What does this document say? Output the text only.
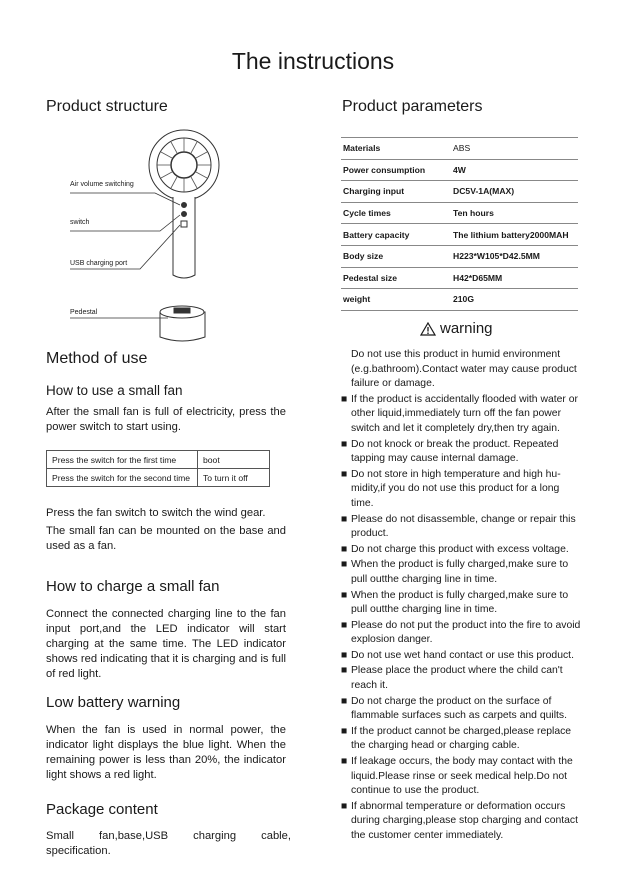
The instructions
Product structure
Air volume switching
switch
USB charging port
Pedestal
Method of use
How to use a small fan
After the small fan is full of electricity, press the power switch to start using.
Press the switch for the first time	boot
Press the switch for the second time	To turn it off
Press the fan switch to switch the wind gear.
The small fan can be mounted on the base and used as a fan.
How to charge a small fan
Connect the connected charging line to the fan input port,and the LED indicator will start charging at the same time. The LED indicator shows red indicating that it is charging and is full of red light.
Low battery warning
When the fan is used in normal power, the indicator light displays the blue light. When the remaining power is less than 20%, the indicator light shows a red light.
Package content
Small fan,base,USB charging cable, specification.
Product parameters
Materials	ABS
Power consumption	4W
Charging input	DC5V-1A(MAX)
Cycle times	Ten hours
Battery capacity	The lithium battery2000MAH
Body size	H223*W105*D42.5MM
Pedestal size	H42*D65MM
weight	210G
warning
Do not use this product in humid environment (e.g.bathroom).Contact water may cause product failure or damage.
■ If the product is accidentally flooded with water or other liquid,immediately turn off the fan power switch and let it completely dry,then try again.
■ Do not knock or break the product. Repeated tapping may cause internal damage.
■ Do not store in high temperature and high hu- midity,if you do not use this product for a long time.
■ Please do not disassemble, change or repair this product.
■ Do not charge this product with excess voltage.
■ When the product is fully charged,make sure to pull outthe charging line in time.
■ When the product is fully charged,make sure to pull outthe charging line in time.
■ Please do not put the product into the fire to avoid explosion danger.
■ Do not use wet hand contact or use this product.
■ Please place the product where the child can't reach it.
■ Do not charge the product on the surface of flammable surfaces such as carpets and quilts.
■ If the product cannot be charged,please replace the charging head or charging cable.
■ If leakage occurs, the body may contact with the liquid.Please rinse or seek medical help.Do not continue to use the product.
■ If abnormal temperature or deformation occurs during charging,please stop charging and contact the customer center immediately.
